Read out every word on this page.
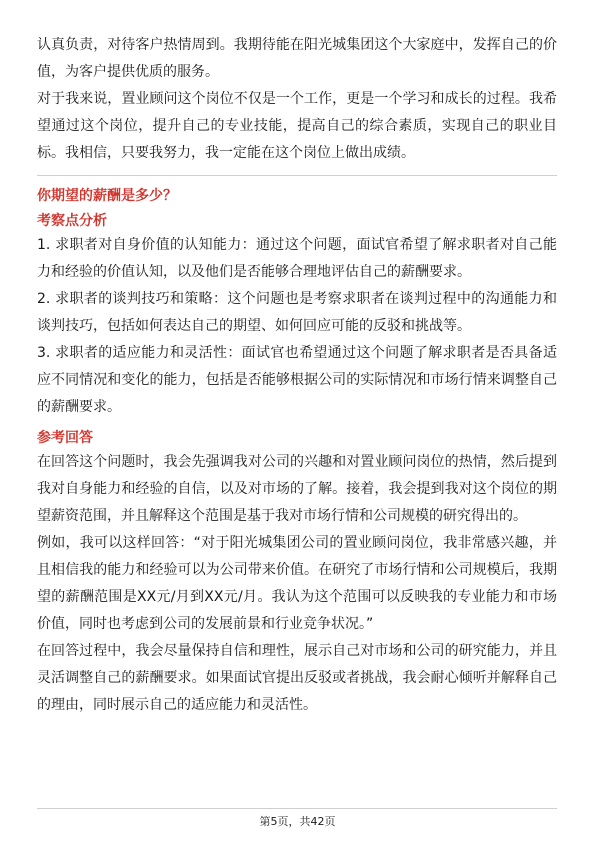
认真负责，对待客户热情周到。我期待能在阳光城集团这个大家庭中，发挥自己的价值，为客户提供优质的服务。

对于我来说，置业顾问这个岗位不仅是一个工作，更是一个学习和成长的过程。我希望通过这个岗位，提升自己的专业技能，提高自己的综合素质，实现自己的职业目标。我相信，只要我努力，我一定能在这个岗位上做出成绩。

你期望的薪酬是多少？
考察点分析

1. 求职者对自身价值的认知能力：通过这个问题，面试官希望了解求职者对自己能力和经验的价值认知，以及他们是否能够合理地评估自己的薪酬要求。

2. 求职者的谈判技巧和策略：这个问题也是考察求职者在谈判过程中的沟通能力和谈判技巧，包括如何表达自己的期望、如何回应可能的反驳和挑战等。

3. 求职者的适应能力和灵活性：面试官也希望通过这个问题了解求职者是否具备适应不同情况和变化的能力，包括是否能够根据公司的实际情况和市场行情来调整自己的薪酬要求。

参考回答

在回答这个问题时，我会先强调我对公司的兴趣和对置业顾问岗位的热情，然后提到我对自身能力和经验的自信，以及对市场的了解。接着，我会提到我对这个岗位的期望薪资范围，并且解释这个范围是基于我对市场行情和公司规模的研究得出的。

例如，我可以这样回答：“对于阳光城集团公司的置业顾问岗位，我非常感兴趣，并且相信我的能力和经验可以为公司带来价值。在研究了市场行情和公司规模后，我期望的薪酬范围是XX元/月到XX元/月。我认为这个范围可以反映我的专业能力和市场价值，同时也考虑到公司的发展前景和行业竞争状况。”

在回答过程中，我会尽量保持自信和理性，展示自己对市场和公司的研究能力，并且灵活调整自己的薪酬要求。如果面试官提出反驳或者挑战，我会耐心倾听并解释自己的理由，同时展示自己的适应能力和灵活性。

第5页，共42页
